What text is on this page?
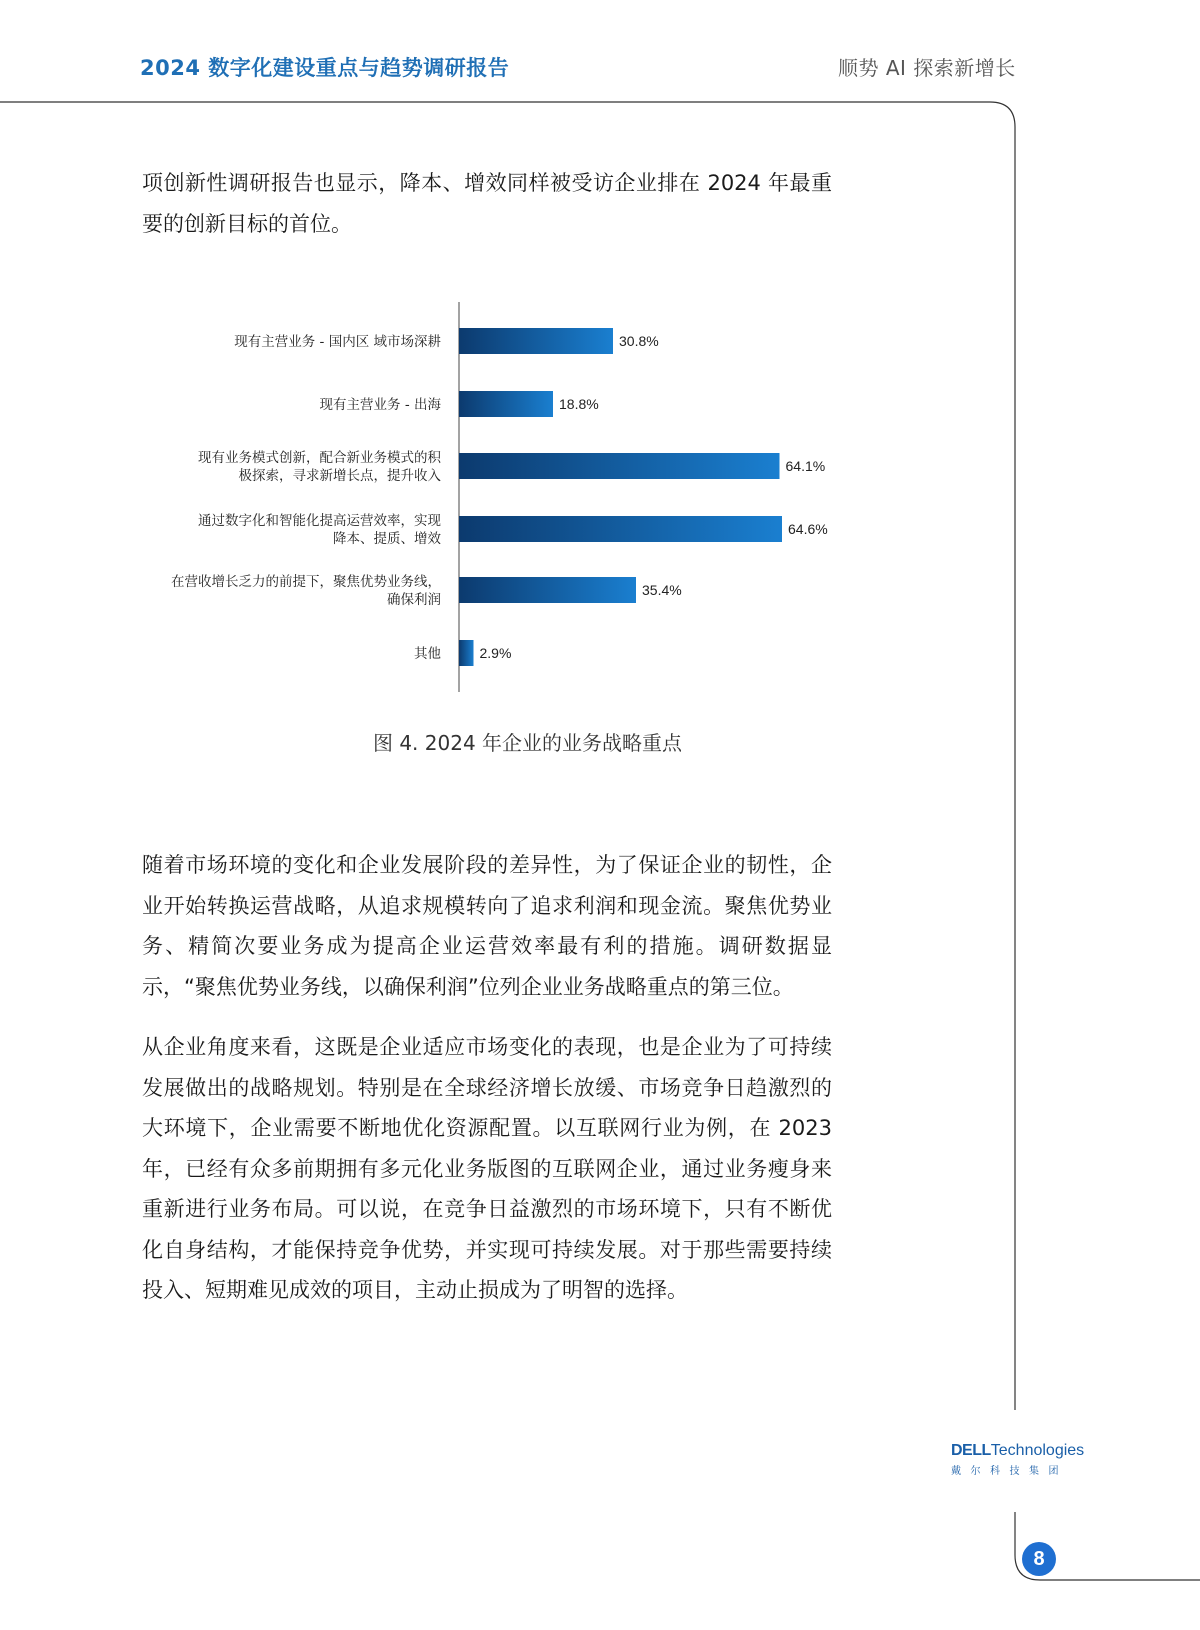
2024 数字化建设重点与趋势调研报告	顺势 AI 探索新增长

项创新性调研报告也显示，降本、增效同样被受访企业排在 2024 年最重要的创新目标的首位。

30.8%
现有主营业务 - 国内区 域市场深耕
18.8%
现有主营业务 - 出海
64.1%
现有业务模式创新，配合新业务模式的积
极探索，寻求新增长点，提升收入
64.6%
通过数字化和智能化提高运营效率，实现
降本、提质、增效
35.4%
在营收增长乏力的前提下，聚焦优势业务线，
确保利润
2.9%
其他
图 4. 2024 年企业的业务战略重点

随着市场环境的变化和企业发展阶段的差异性，为了保证企业的韧性，企业开始转换运营战略，从追求规模转向了追求利润和现金流。聚焦优势业务、精简次要业务成为提高企业运营效率最有利的措施。调研数据显示，“聚焦优势业务线，以确保利润”位列企业业务战略重点的第三位。

从企业角度来看，这既是企业适应市场变化的表现，也是企业为了可持续发展做出的战略规划。特别是在全球经济增长放缓、市场竞争日趋激烈的大环境下，企业需要不断地优化资源配置。以互联网行业为例，在 2023 年，已经有众多前期拥有多元化业务版图的互联网企业，通过业务瘦身来重新进行业务布局。可以说，在竞争日益激烈的市场环境下，只有不断优化自身结构，才能保持竞争优势，并实现可持续发展。对于那些需要持续投入、短期难见成效的项目，主动止损成为了明智的选择。

DELLTechnologies
戴尔科技集团
8
